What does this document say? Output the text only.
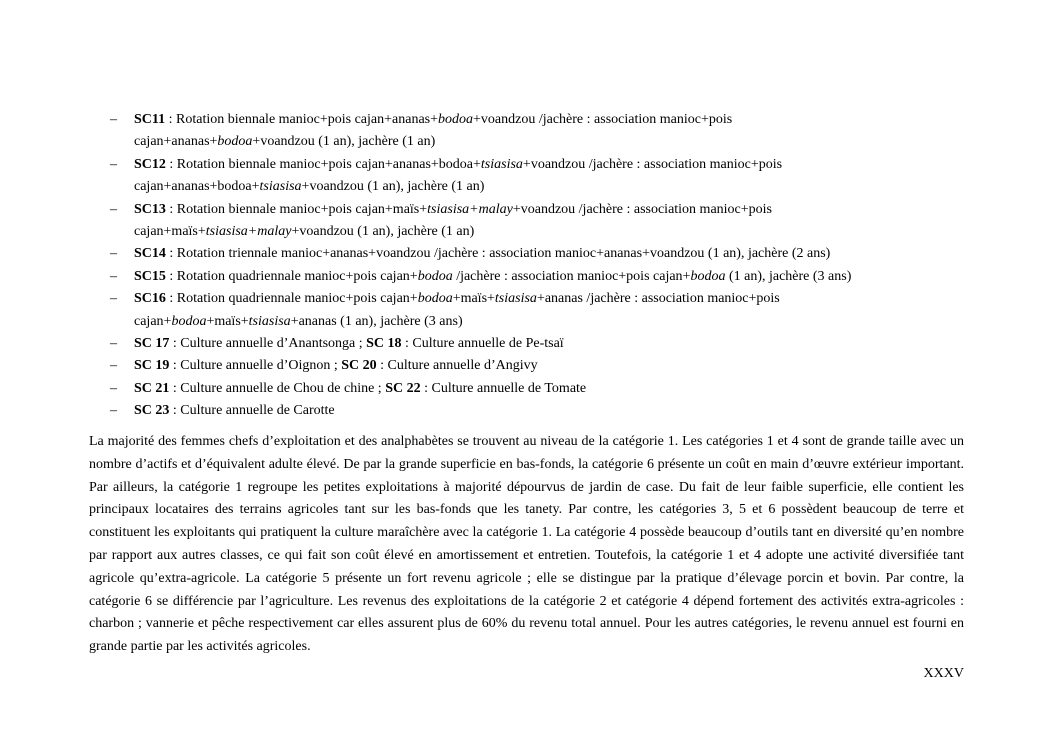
– SC11 : Rotation biennale manioc+pois cajan+ananas+bodoa+voandzou /jachère : association manioc+pois
cajan+ananas+bodoa+voandzou (1 an), jachère (1 an)
– SC12 : Rotation biennale manioc+pois cajan+ananas+bodoa+tsiasisa+voandzou /jachère : association manioc+pois
cajan+ananas+bodoa+tsiasisa+voandzou (1 an), jachère (1 an)
– SC13 : Rotation biennale manioc+pois cajan+maïs+tsiasisa+malay+voandzou /jachère : association manioc+pois
cajan+maïs+tsiasisa+malay+voandzou (1 an), jachère (1 an)
– SC14 : Rotation triennale manioc+ananas+voandzou /jachère : association manioc+ananas+voandzou (1 an), jachère (2 ans)
– SC15 : Rotation quadriennale manioc+pois cajan+bodoa /jachère : association manioc+pois cajan+bodoa (1 an), jachère (3 ans)
– SC16 : Rotation quadriennale manioc+pois cajan+bodoa+maïs+tsiasisa+ananas /jachère : association manioc+pois
cajan+bodoa+maïs+tsiasisa+ananas (1 an), jachère (3 ans)
– SC 17 : Culture annuelle d’Anantsonga ; SC 18 : Culture annuelle de Pe-tsaï
– SC 19 : Culture annuelle d’Oignon ; SC 20 : Culture annuelle d’Angivy
– SC 21 : Culture annuelle de Chou de chine ; SC 22 : Culture annuelle de Tomate
– SC 23 : Culture annuelle de Carotte

La majorité des femmes chefs d’exploitation et des analphabètes se trouvent au niveau de la catégorie 1. Les catégories 1 et 4 sont de grande taille avec un nombre d’actifs et d’équivalent adulte élevé. De par la grande superficie en bas-fonds, la catégorie 6 présente un coût en main d’œuvre extérieur important. Par ailleurs, la catégorie 1 regroupe les petites exploitations à majorité dépourvus de jardin de case. Du fait de leur faible superficie, elle contient les principaux locataires des terrains agricoles tant sur les bas-fonds que les tanety. Par contre, les catégories 3, 5 et 6 possèdent beaucoup de terre et constituent les exploitants qui pratiquent la culture maraîchère avec la catégorie 1. La catégorie 4 possède beaucoup d’outils tant en diversité qu’en nombre par rapport aux autres classes, ce qui fait son coût élevé en amortissement et entretien. Toutefois, la catégorie 1 et 4 adopte une activité diversifiée tant agricole qu’extra-agricole. La catégorie 5 présente un fort revenu agricole ; elle se distingue par la pratique d’élevage porcin et bovin. Par contre, la catégorie 6 se différencie par l’agriculture. Les revenus des exploitations de la catégorie 2 et catégorie 4 dépend fortement des activités extra-agricoles : charbon ; vannerie et pêche respectivement car elles assurent plus de 60% du revenu total annuel. Pour les autres catégories, le revenu annuel est fourni en grande partie par les activités agricoles.

XXXV
